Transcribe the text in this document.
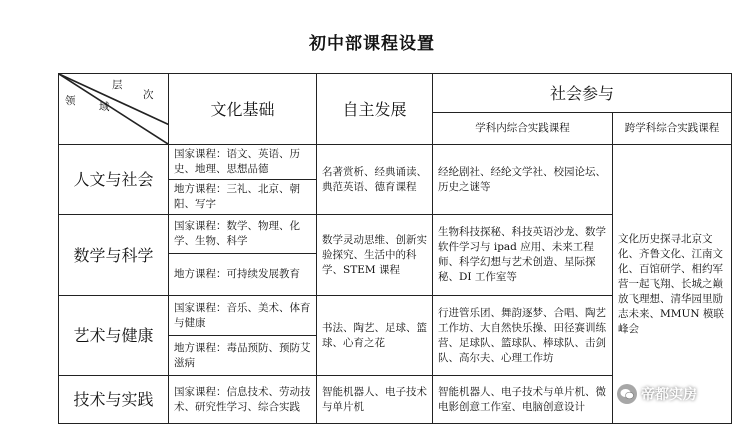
初中部课程设置
层
次
领 域	文化基础	自主发展	社会参与	
			学科内综合实践课程	跨学科综合实践课程
人文与社会	国家课程：语文、英语、历史、地理、思想品德	名著赏析、经典诵读、典范英语、德育课程	经纶剧社、经纶文学社、校园论坛、历史之谜等	文化历史探寻北京文化、齐鲁文化、江南文化、百馆研学、相约军营一起飞翔、长城之巅放飞理想、清华园里励志未来、MMUN 模联峰会
	地方课程：三礼、北京、朝阳、写字			
数学与科学	国家课程：数学、物理、化学、生物、科学	数学灵动思维、创新实验探究、生活中的科学、STEM 课程	生物科技探秘、科技英语沙龙、数学软件学习与 ipad 应用、未来工程师、科学幻想与艺术创造、星际探秘、DI 工作室等	
	地方课程：可持续发展教育			
艺术与健康	国家课程：音乐、美术、体育与健康	书法、陶艺、足球、篮球、心育之花	行进管乐团、舞韵逐梦、合唱、陶艺工作坊、大自然快乐操、田径赛训练营、足球队、篮球队、棒球队、击剑队、高尔夫、心理工作坊	
	地方课程：毒品预防、预防艾滋病			
技术与实践	国家课程：信息技术、劳动技术、研究性学习、综合实践	智能机器人、电子技术与单片机	智能机器人、电子技术与单片机、微电影创意工作室、电脑创意设计	
帝都实房
